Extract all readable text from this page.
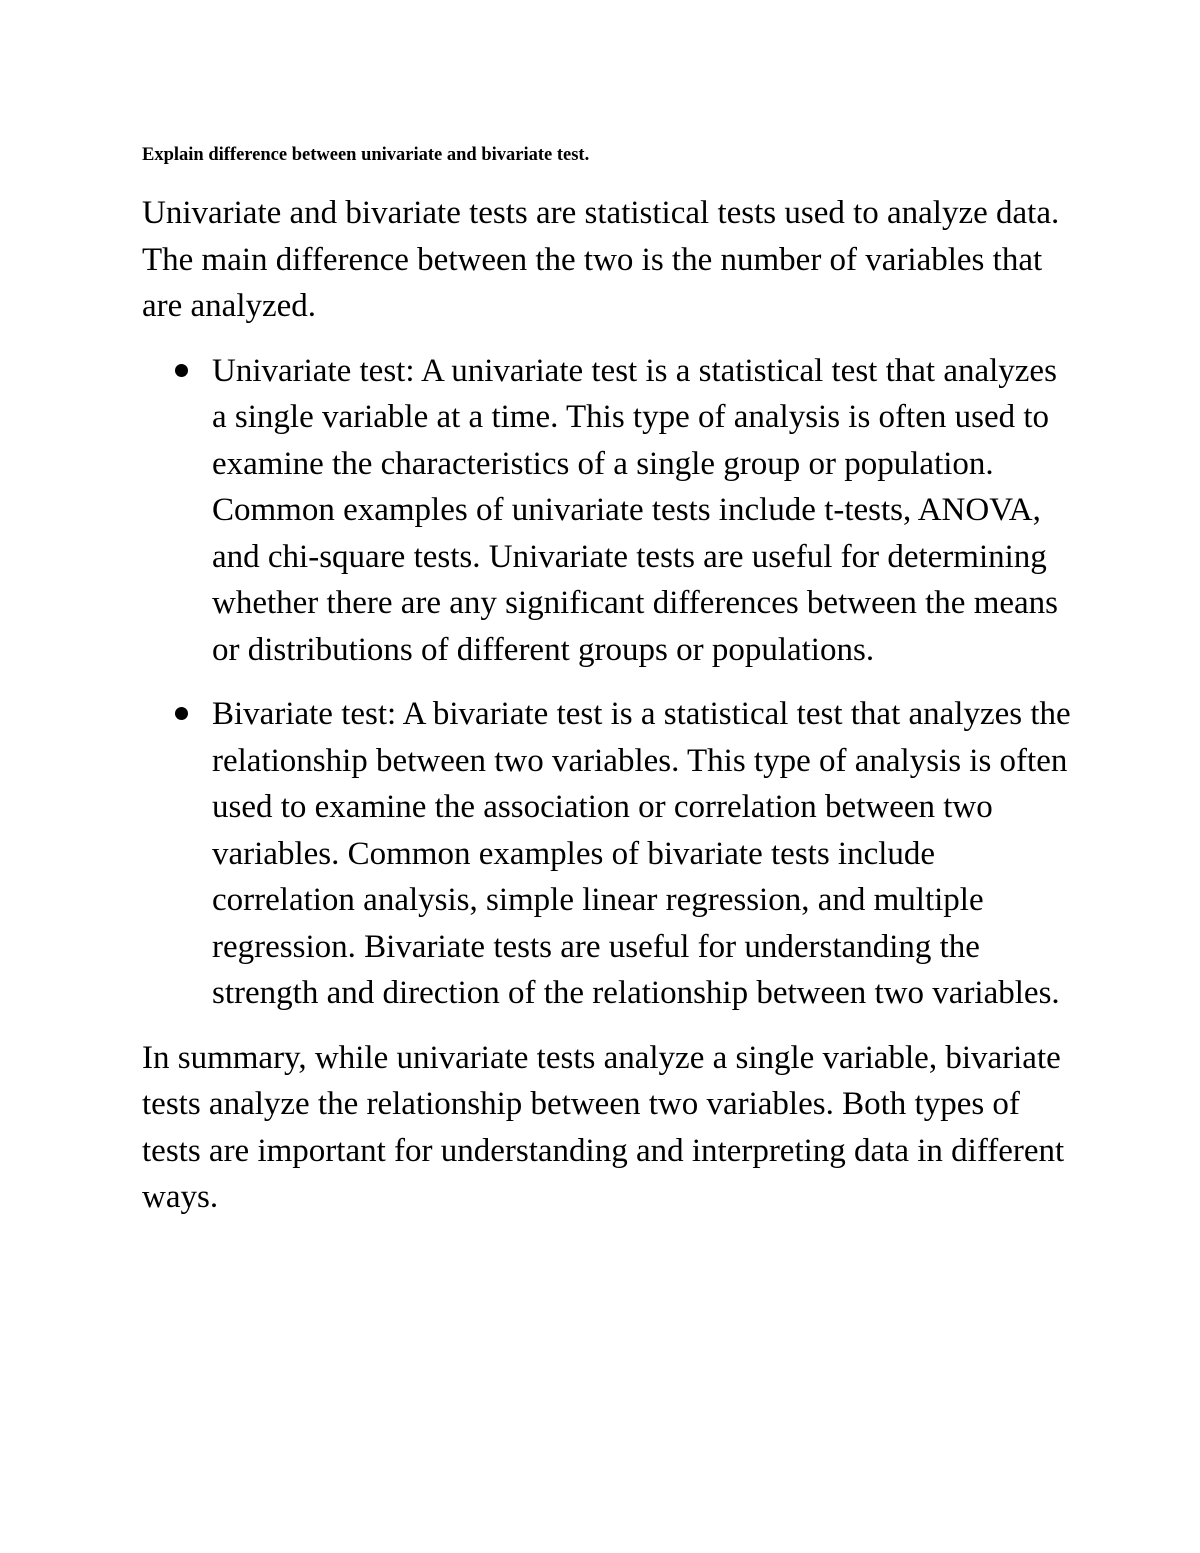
Explain difference between univariate and bivariate test.

Univariate and bivariate tests are statistical tests used to analyze data. The main difference between the two is the number of variables that are analyzed.

Univariate test: A univariate test is a statistical test that analyzes a single variable at a time. This type of analysis is often used to examine the characteristics of a single group or population. Common examples of univariate tests include t-tests, ANOVA, and chi-square tests. Univariate tests are useful for determining whether there are any significant differences between the means or distributions of different groups or populations.
Bivariate test: A bivariate test is a statistical test that analyzes the relationship between two variables. This type of analysis is often used to examine the association or correlation between two variables. Common examples of bivariate tests include correlation analysis, simple linear regression, and multiple regression. Bivariate tests are useful for understanding the strength and direction of the relationship between two variables.

In summary, while univariate tests analyze a single variable, bivariate tests analyze the relationship between two variables. Both types of tests are important for understanding and interpreting data in different ways.
